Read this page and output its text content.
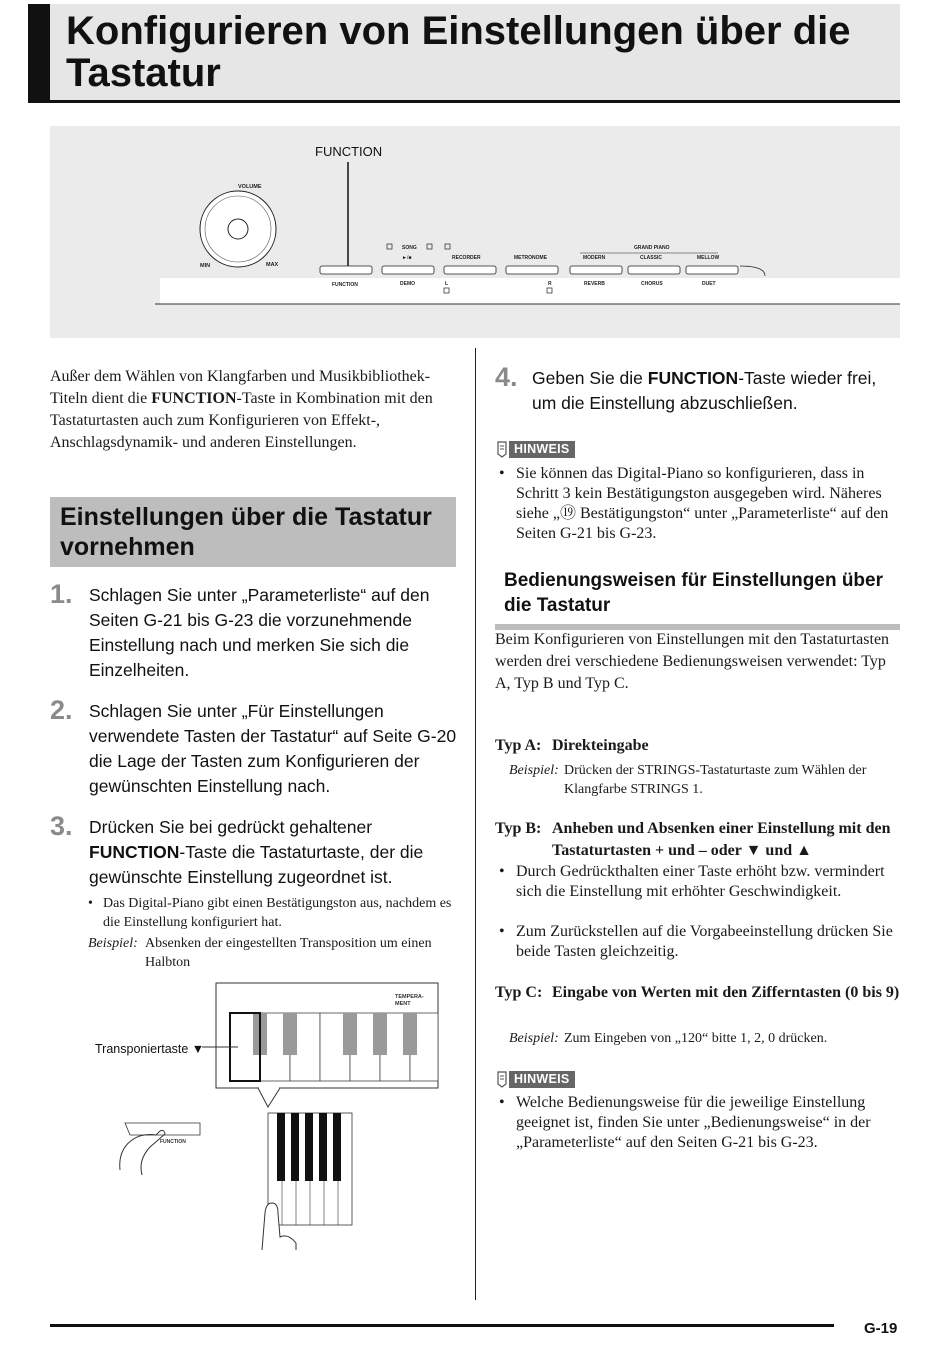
Konfigurieren von Einstellungen über die Tastatur
FUNCTION
VOLUME
MIN	MAX
SONG
►/■	RECORDER	METRONOME
GRAND PIANO
MODERN	CLASSIC	MELLOW
FUNCTION	DEMO	L	R	REVERB	CHORUS	DUET
Außer dem Wählen von Klangfarben und Musikbibliothek-Titeln dient die FUNCTION-Taste in Kombination mit den Tastaturtasten auch zum Konfigurieren von Effekt-, Anschlagsdynamik- und anderen Einstellungen.
Einstellungen über die Tastatur vornehmen
1. Schlagen Sie unter „Parameterliste“ auf den Seiten G-21 bis G-23 die vorzunehmende Einstellung nach und merken Sie sich die Einzelheiten.
2. Schlagen Sie unter „Für Einstellungen verwendete Tasten der Tastatur“ auf Seite G-20 die Lage der Tasten zum Konfigurieren der gewünschten Einstellung nach.
3. Drücken Sie bei gedrückt gehaltener FUNCTION-Taste die Tastaturtaste, der die gewünschte Einstellung zugeordnet ist.
• Das Digital-Piano gibt einen Bestätigungston aus, nachdem es die Einstellung konfiguriert hat.
Beispiel: Absenken der eingestellten Transposition um einen Halbton
TEMPERA-
MENT
FUNCTION
Transponiertaste ▼
4. Geben Sie die FUNCTION-Taste wieder frei, um die Einstellung abzuschließen.
HINWEIS
• Sie können das Digital-Piano so konfigurieren, dass in Schritt 3 kein Bestätigungston ausgegeben wird. Näheres siehe „⑲ Bestätigungston“ unter „Parameterliste“ auf den Seiten G-21 bis G-23.
Bedienungsweisen für Einstellungen über die Tastatur
Beim Konfigurieren von Einstellungen mit den Tastaturtasten werden drei verschiedene Bedienungsweisen verwendet: Typ A, Typ B und Typ C.
Typ A: Direkteingabe
Beispiel: Drücken der STRINGS-Tastaturtaste zum Wählen der Klangfarbe STRINGS 1.
Typ B: Anheben und Absenken einer Einstellung mit den Tastaturtasten + und – oder ▼ und ▲
• Durch Gedrückthalten einer Taste erhöht bzw. vermindert sich die Einstellung mit erhöhter Geschwindigkeit.
• Zum Zurückstellen auf die Vorgabeeinstellung drücken Sie beide Tasten gleichzeitig.
Typ C: Eingabe von Werten mit den Zifferntasten (0 bis 9)
Beispiel: Zum Eingeben von „120“ bitte 1, 2, 0 drücken.
HINWEIS
• Welche Bedienungsweise für die jeweilige Einstellung geeignet ist, finden Sie unter „Bedienungsweise“ in der „Parameterliste“ auf den Seiten G-21 bis G-23.
G-19
